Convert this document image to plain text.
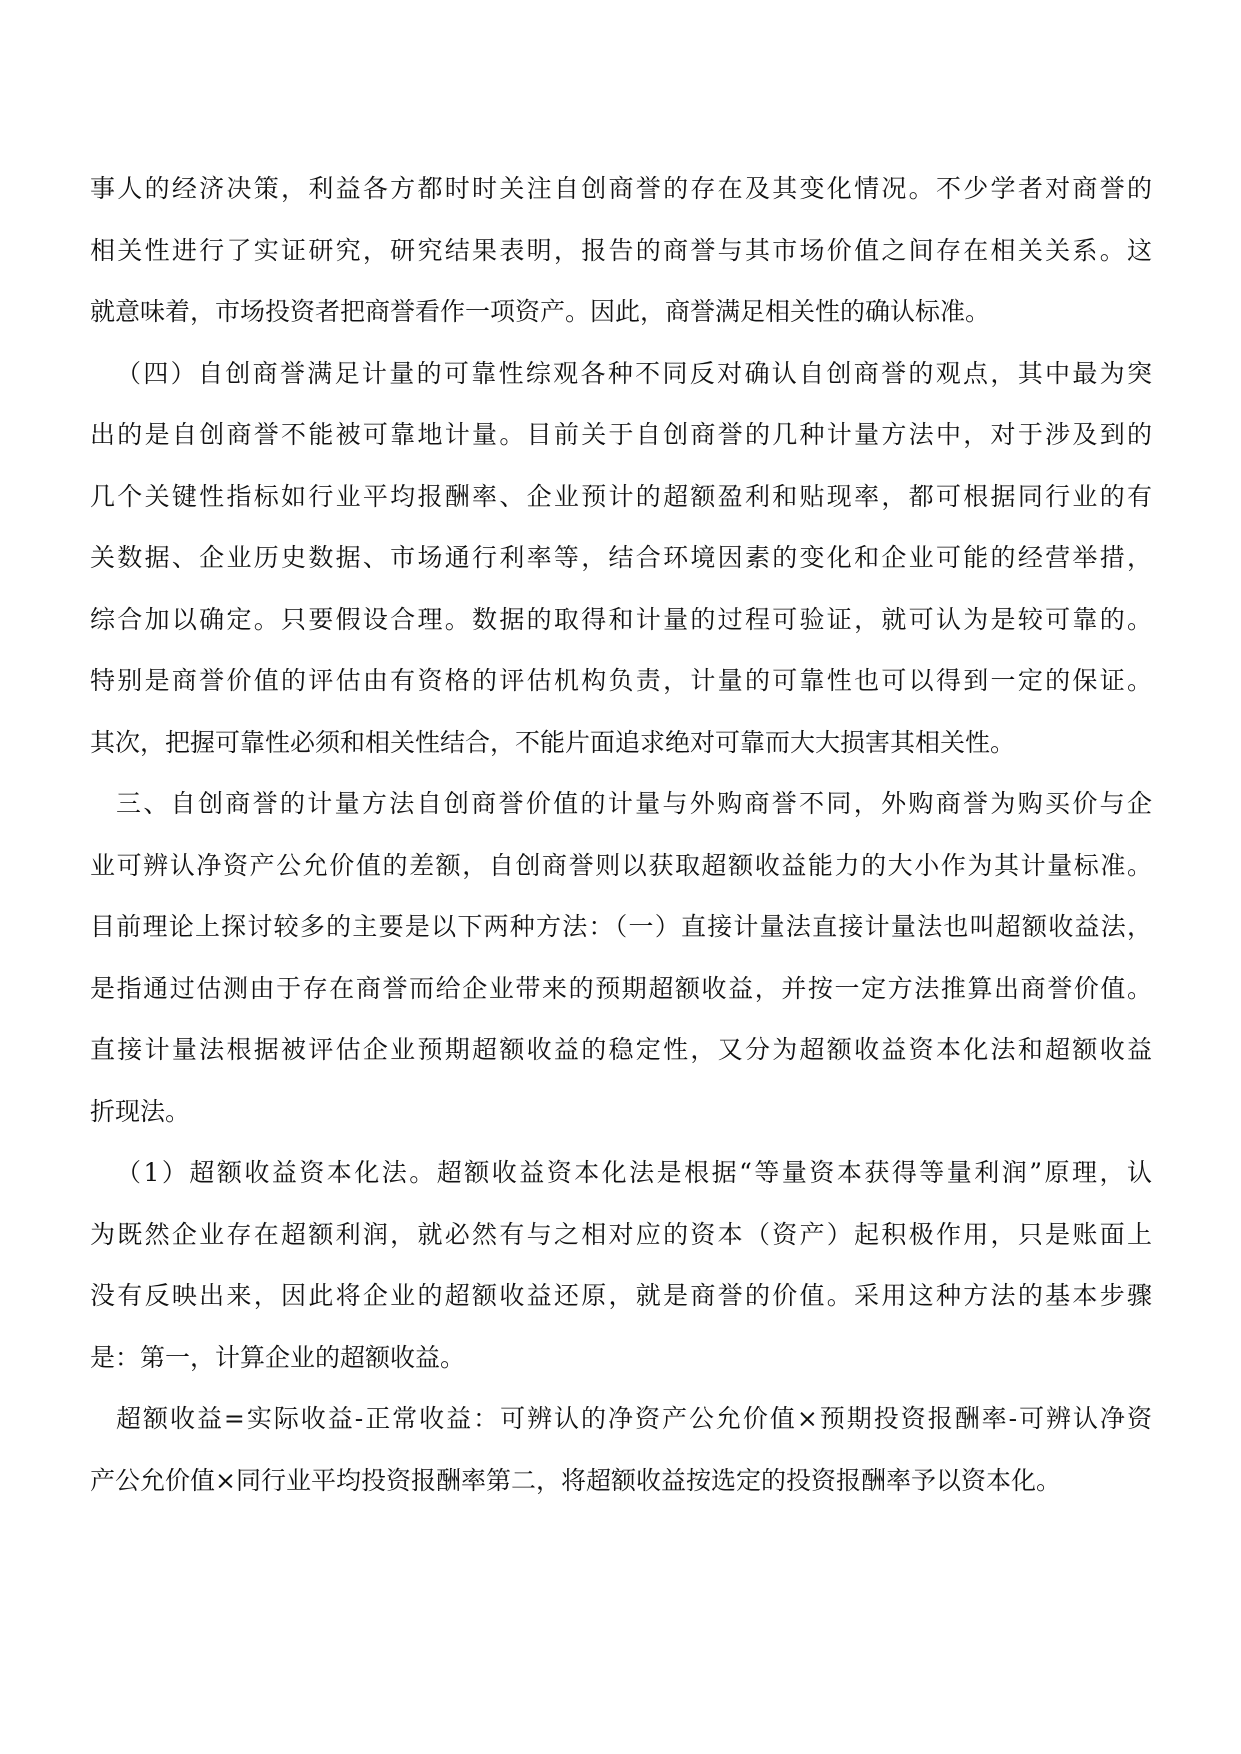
事人的经济决策，利益各方都时时关注自创商誉的存在及其变化情况。不少学者对商誉的
相关性进行了实证研究，研究结果表明，报告的商誉与其市场价值之间存在相关关系。这
就意味着，市场投资者把商誉看作一项资产。因此，商誉满足相关性的确认标准。
（四）自创商誉满足计量的可靠性综观各种不同反对确认自创商誉的观点，其中最为突
出的是自创商誉不能被可靠地计量。目前关于自创商誉的几种计量方法中，对于涉及到的
几个关键性指标如行业平均报酬率、企业预计的超额盈利和贴现率，都可根据同行业的有
关数据、企业历史数据、市场通行利率等，结合环境因素的变化和企业可能的经营举措，
综合加以确定。只要假设合理。数据的取得和计量的过程可验证，就可认为是较可靠的。
特别是商誉价值的评估由有资格的评估机构负责，计量的可靠性也可以得到一定的保证。
其次，把握可靠性必须和相关性结合，不能片面追求绝对可靠而大大损害其相关性。
三、自创商誉的计量方法自创商誉价值的计量与外购商誉不同，外购商誉为购买价与企
业可辨认净资产公允价值的差额，自创商誉则以获取超额收益能力的大小作为其计量标准。
目前理论上探讨较多的主要是以下两种方法：（一）直接计量法直接计量法也叫超额收益法，
是指通过估测由于存在商誉而给企业带来的预期超额收益，并按一定方法推算出商誉价值。
直接计量法根据被评估企业预期超额收益的稳定性，又分为超额收益资本化法和超额收益
折现法。
（1）超额收益资本化法。超额收益资本化法是根据“等量资本获得等量利润”原理，认
为既然企业存在超额利润，就必然有与之相对应的资本（资产）起积极作用，只是账面上
没有反映出来，因此将企业的超额收益还原，就是商誉的价值。采用这种方法的基本步骤
是：第一，计算企业的超额收益。
超额收益=实际收益-正常收益：可辨认的净资产公允价值×预期投资报酬率-可辨认净资
产公允价值×同行业平均投资报酬率第二，将超额收益按选定的投资报酬率予以资本化。
